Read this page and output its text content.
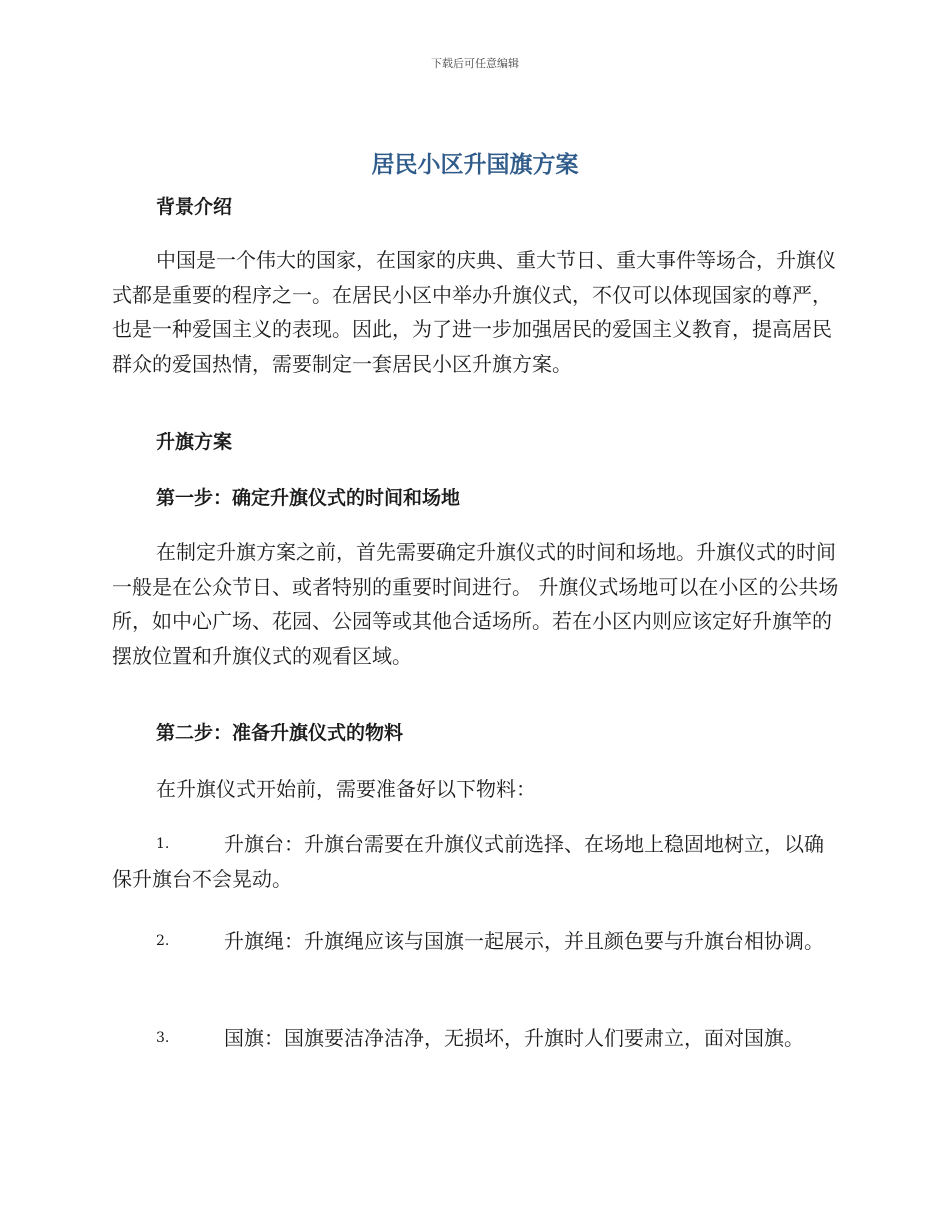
下载后可任意编辑
居民小区升国旗方案
背景介绍

中国是一个伟大的国家，在国家的庆典、重大节日、重大事件等场合，升旗仪式都是重要的程序之一。在居民小区中举办升旗仪式，不仅可以体现国家的尊严，也是一种爱国主义的表现。因此，为了进一步加强居民的爱国主义教育，提高居民群众的爱国热情，需要制定一套居民小区升旗方案。

升旗方案
第一步：确定升旗仪式的时间和场地

在制定升旗方案之前，首先需要确定升旗仪式的时间和场地。升旗仪式的时间一般是在公众节日、或者特别的重要时间进行。 升旗仪式场地可以在小区的公共场所，如中心广场、花园、公园等或其他合适场所。若在小区内则应该定好升旗竿的摆放位置和升旗仪式的观看区域。

第二步：准备升旗仪式的物料

在升旗仪式开始前，需要准备好以下物料：

1.	升旗台：升旗台需要在升旗仪式前选择、在场地上稳固地树立，以确保升旗台不会晃动。
2.	升旗绳：升旗绳应该与国旗一起展示，并且颜色要与升旗台相协调。
3.	国旗：国旗要洁净洁净，无损坏，升旗时人们要肃立，面对国旗。
